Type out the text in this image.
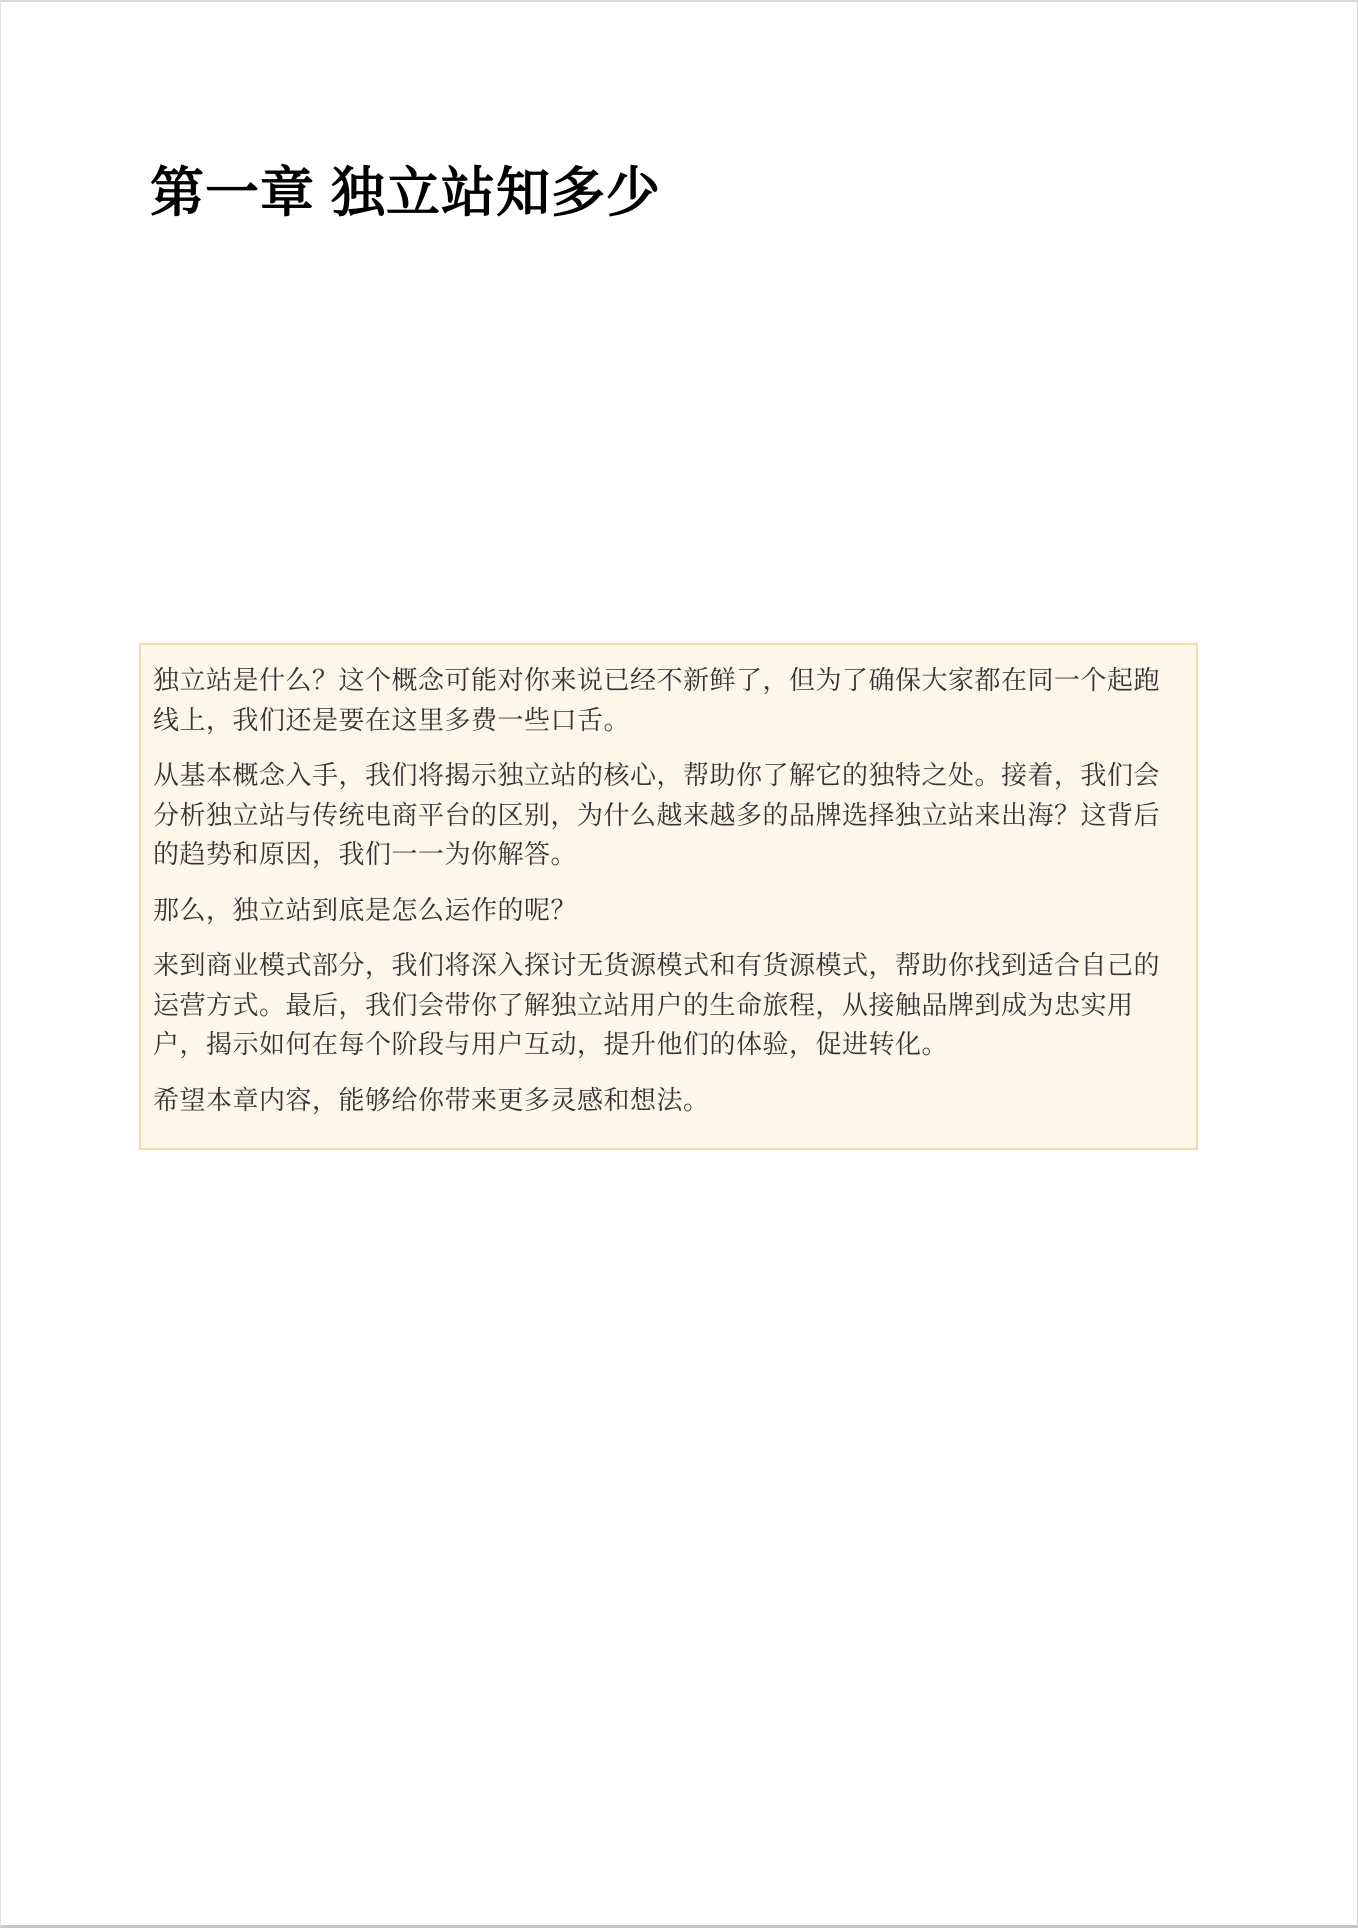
第一章 独立站知多少

独立站是什么？这个概念可能对你来说已经不新鲜了，但为了确保大家都在同一个起跑线上，我们还是要在这里多费一些口舌。

从基本概念入手，我们将揭示独立站的核心，帮助你了解它的独特之处。接着，我们会分析独立站与传统电商平台的区别，为什么越来越多的品牌选择独立站来出海？这背后的趋势和原因，我们一一为你解答。

那么，独立站到底是怎么运作的呢？

来到商业模式部分，我们将深入探讨无货源模式和有货源模式，帮助你找到适合自己的运营方式。最后，我们会带你了解独立站用户的生命旅程，从接触品牌到成为忠实用户，揭示如何在每个阶段与用户互动，提升他们的体验，促进转化。

希望本章内容，能够给你带来更多灵感和想法。
